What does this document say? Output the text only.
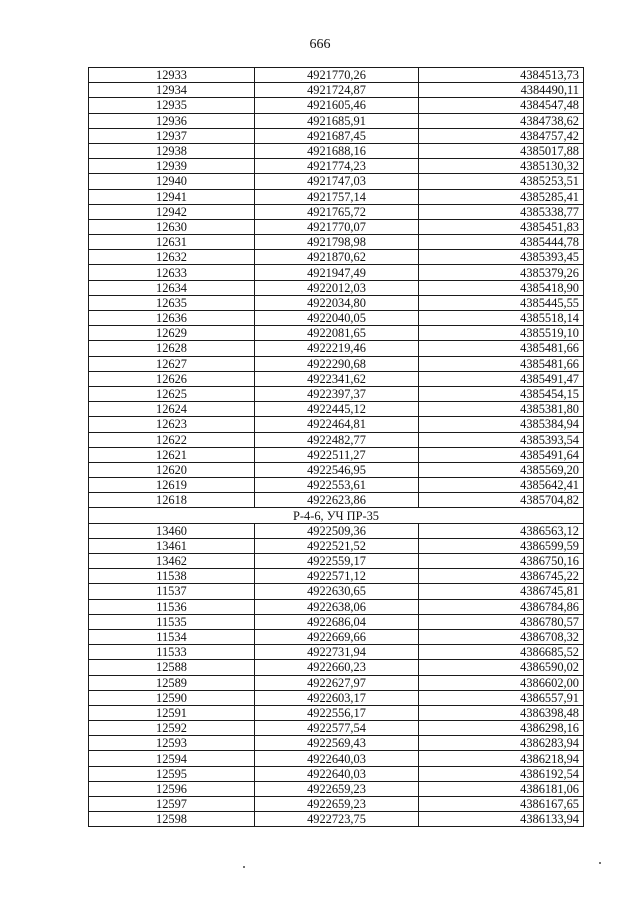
666
12933	4921770,26	4384513,73
12934	4921724,87	4384490,11
12935	4921605,46	4384547,48
12936	4921685,91	4384738,62
12937	4921687,45	4384757,42
12938	4921688,16	4385017,88
12939	4921774,23	4385130,32
12940	4921747,03	4385253,51
12941	4921757,14	4385285,41
12942	4921765,72	4385338,77
12630	4921770,07	4385451,83
12631	4921798,98	4385444,78
12632	4921870,62	4385393,45
12633	4921947,49	4385379,26
12634	4922012,03	4385418,90
12635	4922034,80	4385445,55
12636	4922040,05	4385518,14
12629	4922081,65	4385519,10
12628	4922219,46	4385481,66
12627	4922290,68	4385481,66
12626	4922341,62	4385491,47
12625	4922397,37	4385454,15
12624	4922445,12	4385381,80
12623	4922464,81	4385384,94
12622	4922482,77	4385393,54
12621	4922511,27	4385491,64
12620	4922546,95	4385569,20
12619	4922553,61	4385642,41
12618	4922623,86	4385704,82
Р-4-6, УЧ ПР-35		
13460	4922509,36	4386563,12
13461	4922521,52	4386599,59
13462	4922559,17	4386750,16
11538	4922571,12	4386745,22
11537	4922630,65	4386745,81
11536	4922638,06	4386784,86
11535	4922686,04	4386780,57
11534	4922669,66	4386708,32
11533	4922731,94	4386685,52
12588	4922660,23	4386590,02
12589	4922627,97	4386602,00
12590	4922603,17	4386557,91
12591	4922556,17	4386398,48
12592	4922577,54	4386298,16
12593	4922569,43	4386283,94
12594	4922640,03	4386218,94
12595	4922640,03	4386192,54
12596	4922659,23	4386181,06
12597	4922659,23	4386167,65
12598	4922723,75	4386133,94
